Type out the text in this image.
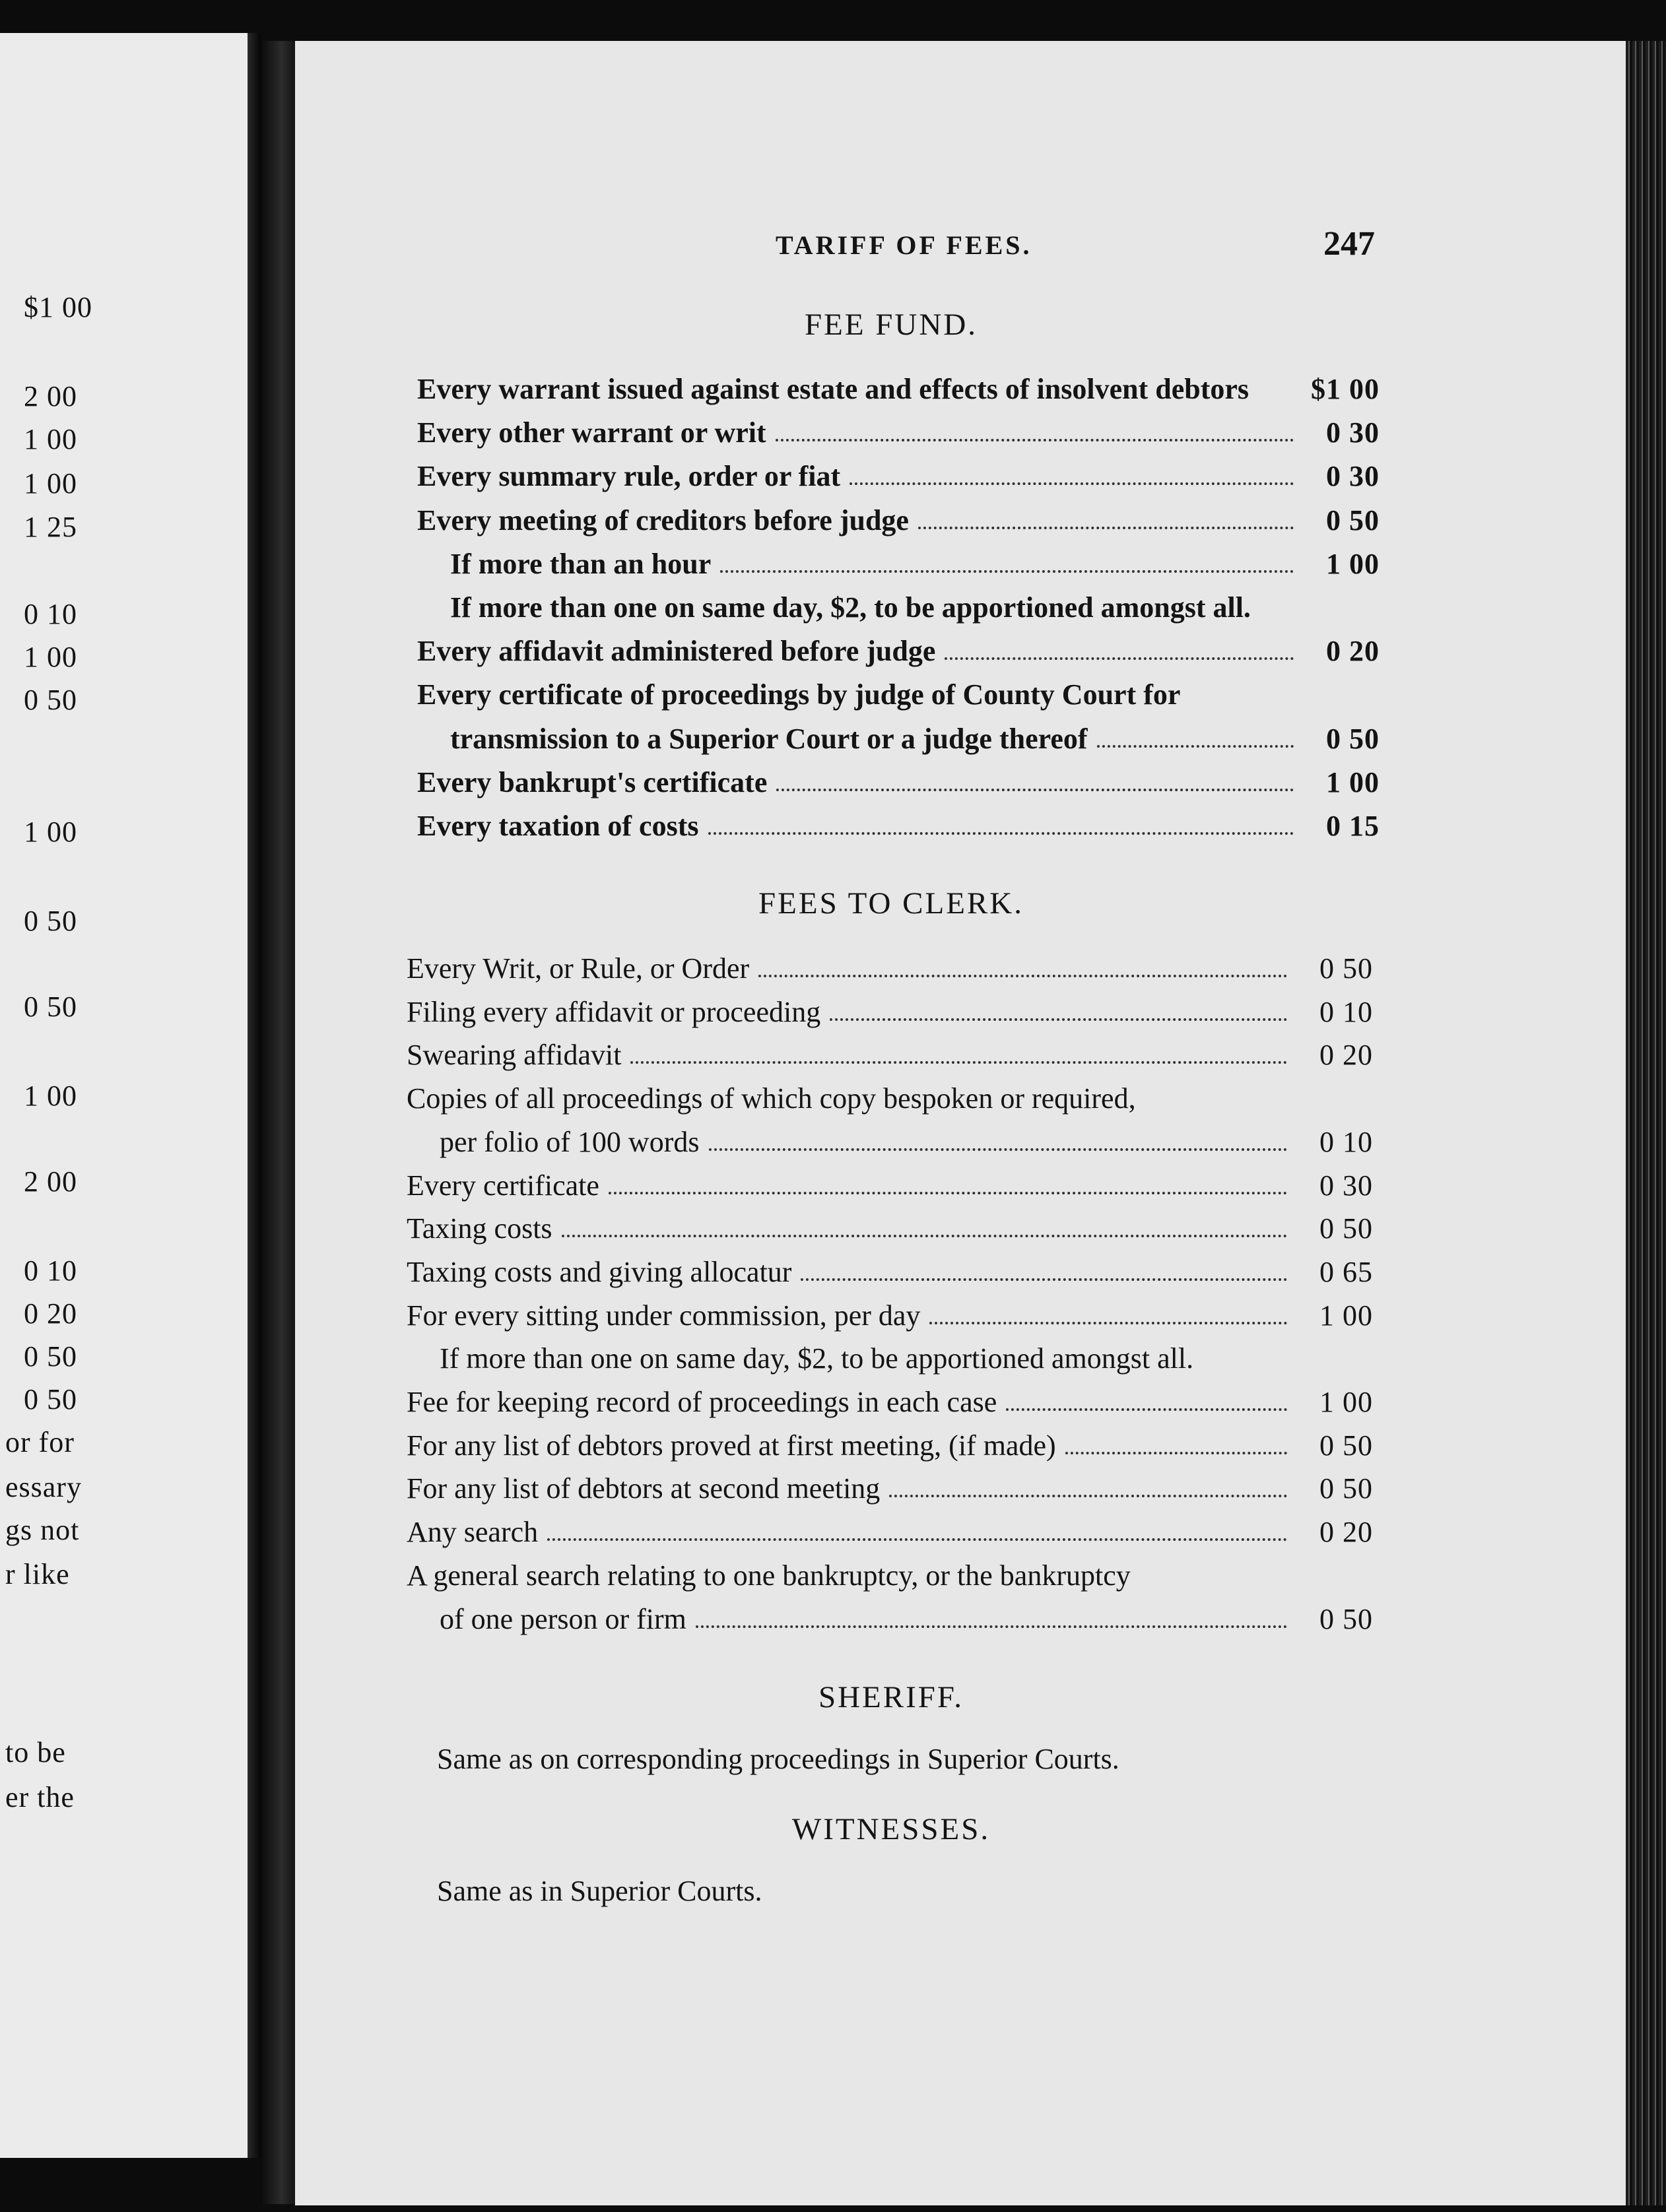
$1 00
2 00
1 00
1 00
1 25
0 10
1 00
0 50
1 00
0 50
0 50
1 00
2 00
0 10
0 20
0 50
0 50
or for
essary
gs not
r like
to be
er the
TARIFF OF FEES.	247
FEE FUND.
Every warrant issued against estate and effects of insolvent debtors	$1 00
Every other warrant or writ	0 30
Every summary rule, order or fiat	0 30
Every meeting of creditors before judge	0 50
If more than an hour	1 00
If more than one on same day, $2, to be apportioned amongst all.
Every affidavit administered before judge	0 20
Every certificate of proceedings by judge of County Court for
transmission to a Superior Court or a judge thereof	0 50
Every bankrupt's certificate	1 00
Every taxation of costs	0 15
FEES TO CLERK.
Every Writ, or Rule, or Order	0 50
Filing every affidavit or proceeding	0 10
Swearing affidavit	0 20
Copies of all proceedings of which copy bespoken or required,
per folio of 100 words	0 10
Every certificate	0 30
Taxing costs	0 50
Taxing costs and giving allocatur	0 65
For every sitting under commission, per day	1 00
If more than one on same day, $2, to be apportioned amongst all.
Fee for keeping record of proceedings in each case	1 00
For any list of debtors proved at first meeting, (if made)	0 50
For any list of debtors at second meeting	0 50
Any search	0 20
A general search relating to one bankruptcy, or the bankruptcy
of one person or firm	0 50
SHERIFF.
Same as on corresponding proceedings in Superior Courts.
WITNESSES.
Same as in Superior Courts.
